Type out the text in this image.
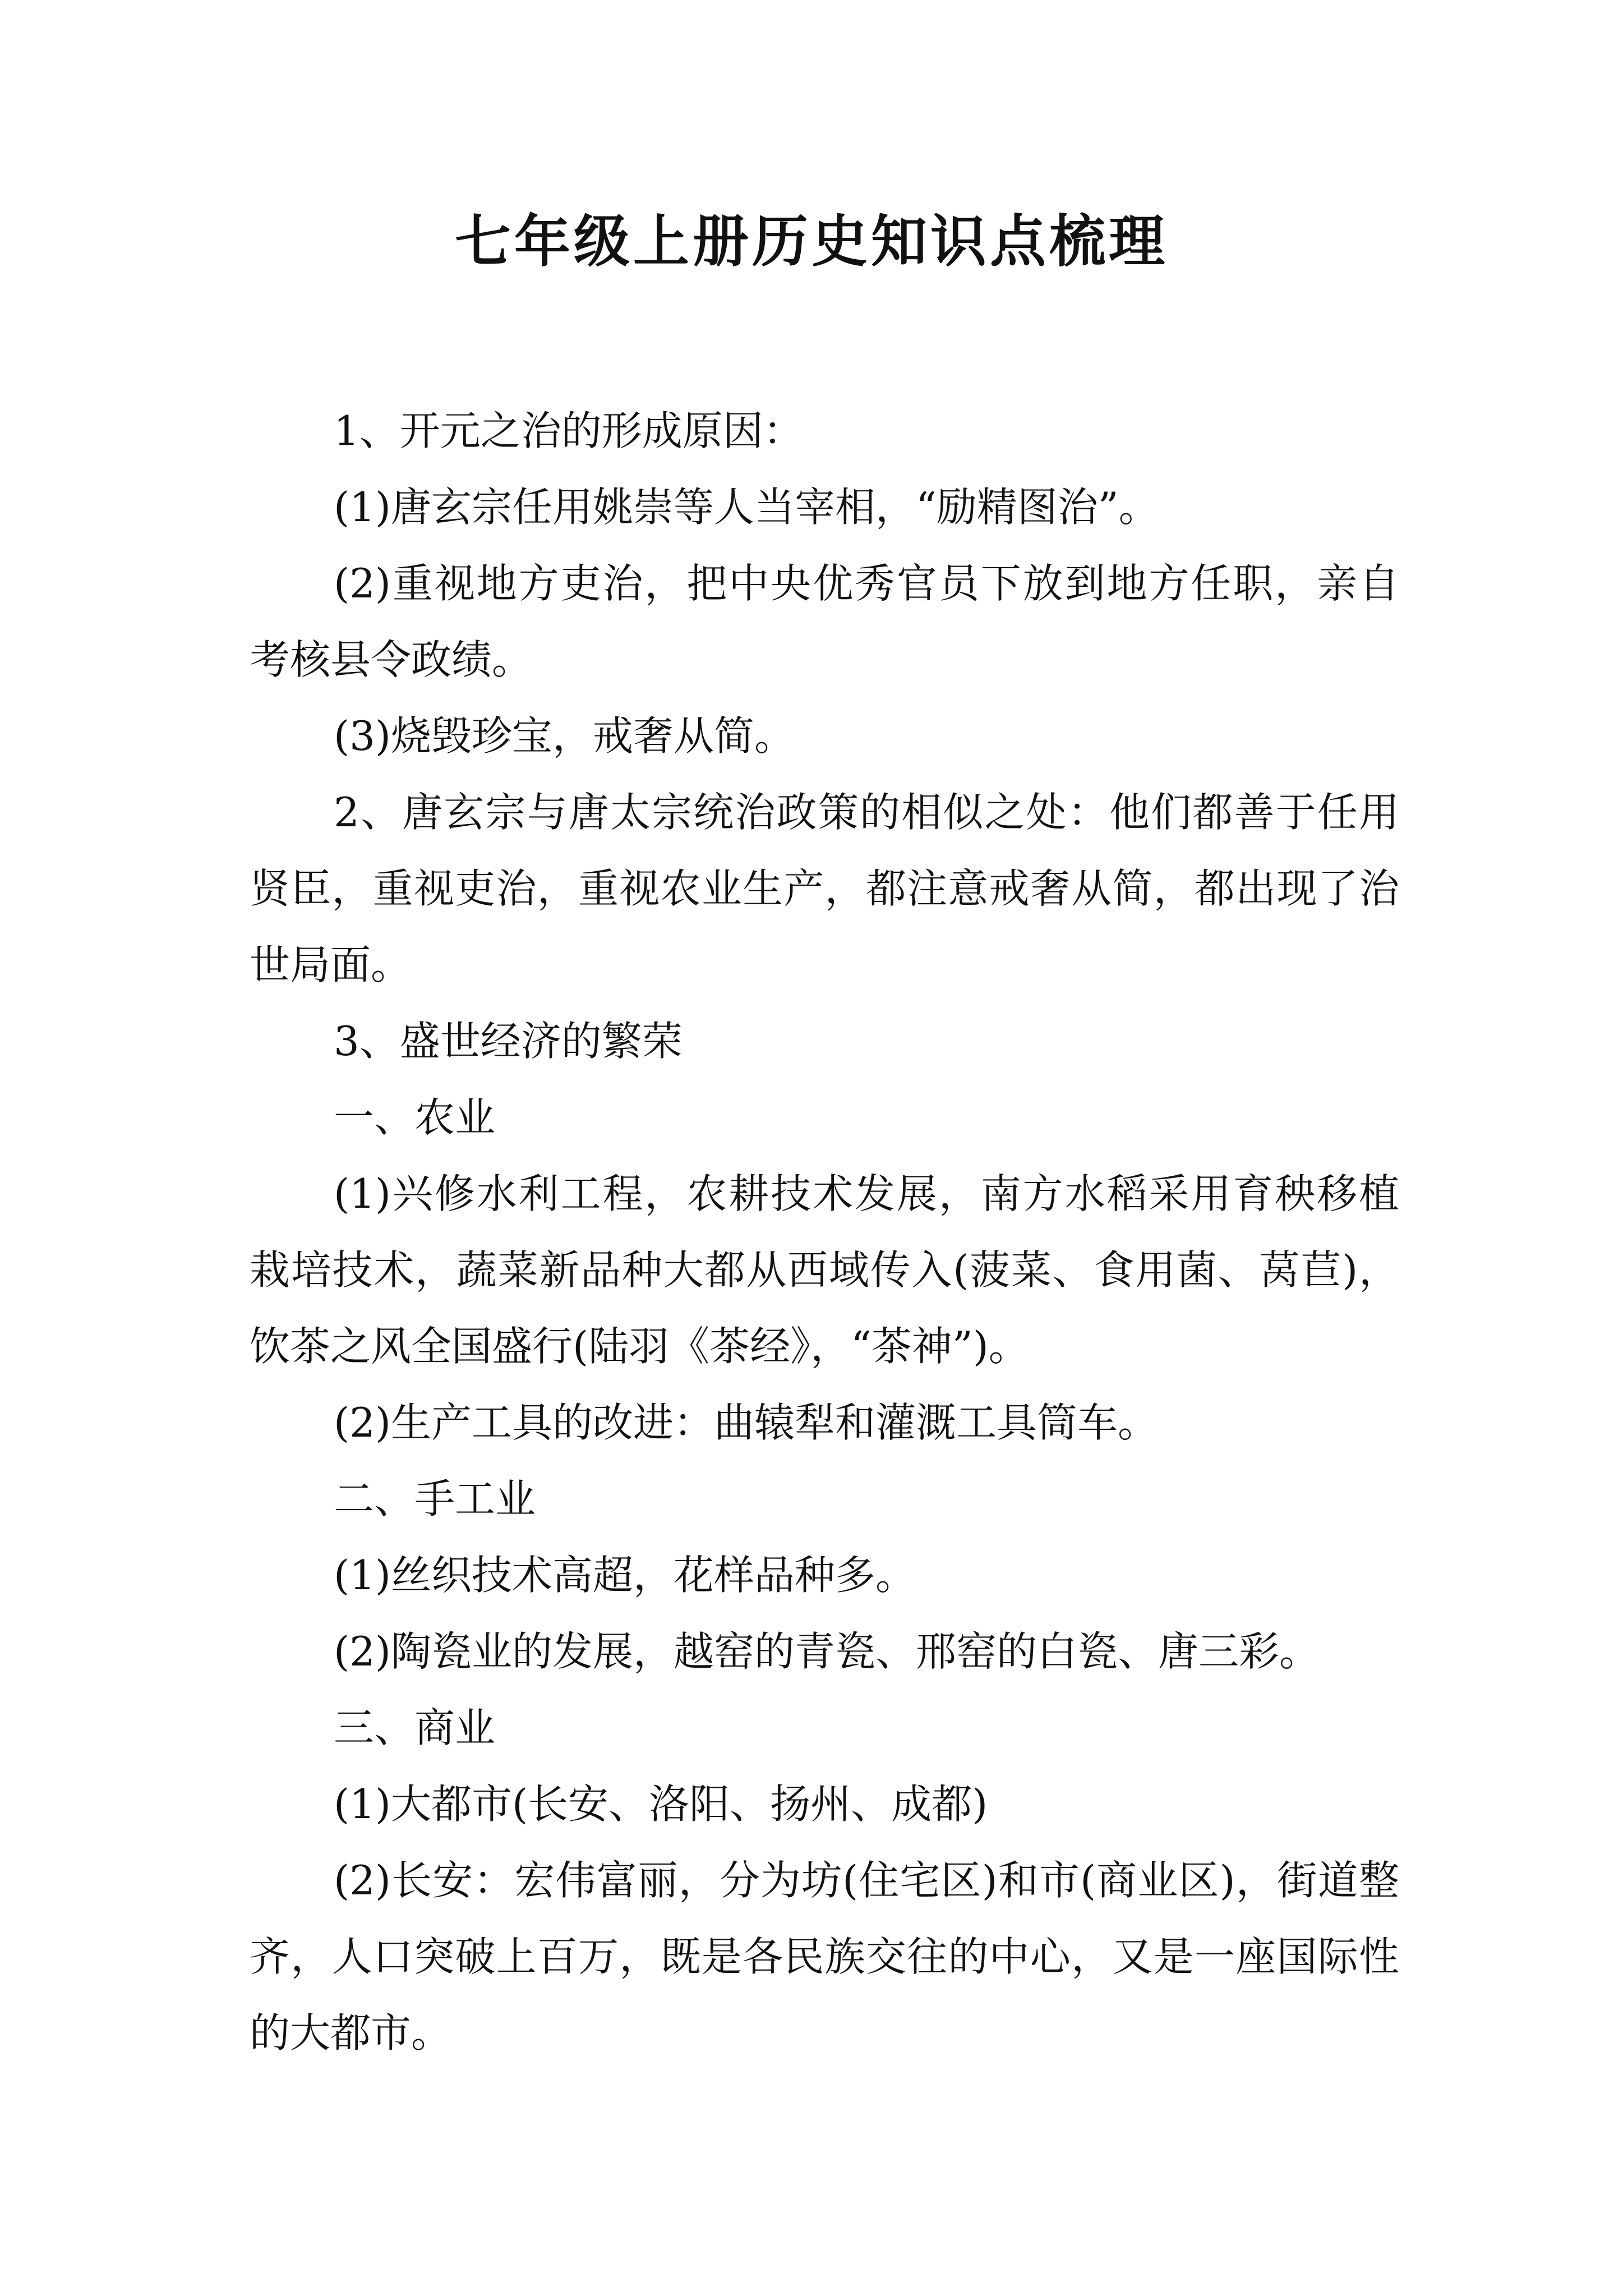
七年级上册历史知识点梳理

1、开元之治的形成原因：

(1)唐玄宗任用姚崇等人当宰相，“励精图治”。

(2)重视地方吏治，把中央优秀官员下放到地方任职，亲自考核县令政绩。

(3)烧毁珍宝，戒奢从简。

2、唐玄宗与唐太宗统治政策的相似之处：他们都善于任用贤臣，重视吏治，重视农业生产，都注意戒奢从简，都出现了治世局面。

3、盛世经济的繁荣

一、农业

(1)兴修水利工程，农耕技术发展，南方水稻采用育秧移植栽培技术，蔬菜新品种大都从西域传入(菠菜、食用菌、莴苣)，饮茶之风全国盛行(陆羽《茶经》，“茶神”)。

(2)生产工具的改进：曲辕犁和灌溉工具筒车。

二、手工业

(1)丝织技术高超，花样品种多。

(2)陶瓷业的发展，越窑的青瓷、邢窑的白瓷、唐三彩。

三、商业

(1)大都市(长安、洛阳、扬州、成都)

(2)长安：宏伟富丽，分为坊(住宅区)和市(商业区)，街道整齐，人口突破上百万，既是各民族交往的中心，又是一座国际性的大都市。
